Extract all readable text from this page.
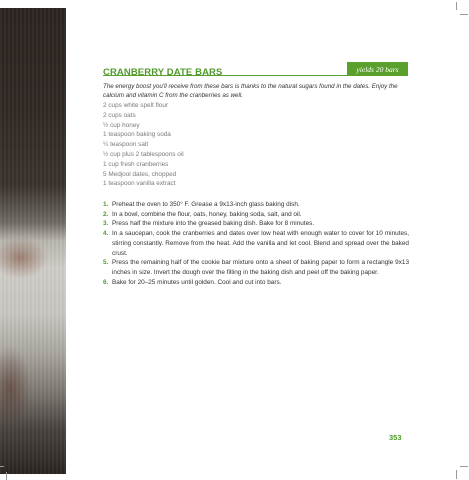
yields 20 bars
CRANBERRY DATE BARS
The energy boost you'll receive from these bars is thanks to the natural sugars found in the dates. Enjoy the calcium and vitamin C from the cranberries as well.
2 cups white spelt flour
2 cups oats
½ cup honey
1 teaspoon baking soda
¼ teaspoon salt
½ cup plus 2 tablespoons oil
1 cup fresh cranberries
5 Medjool dates, chopped
1 teaspoon vanilla extract
1. Preheat the oven to 350° F. Grease a 9x13-inch glass baking dish.
2. In a bowl, combine the flour, oats, honey, baking soda, salt, and oil.
3. Press half the mixture into the greased baking dish. Bake for 8 minutes.
4. In a saucepan, cook the cranberries and dates over low heat with enough water to cover for 10 minutes, stirring constantly. Remove from the heat. Add the vanilla and let cool. Blend and spread over the baked crust.
5. Press the remaining half of the cookie bar mixture onto a sheet of baking paper to form a rectangle 9x13 inches in size. Invert the dough over the filling in the baking dish and peel off the baking paper.
6. Bake for 20–25 minutes until golden. Cool and cut into bars.
353
